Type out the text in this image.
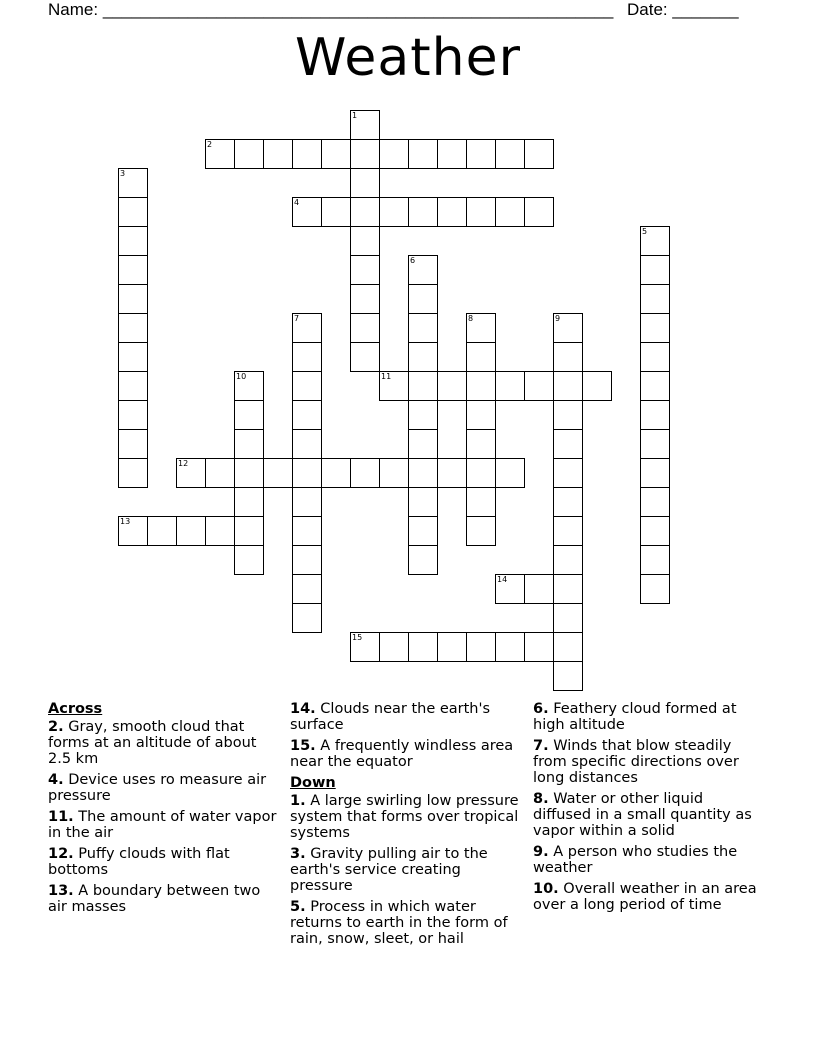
Name: ______________________________________________________ Date: _______
Weather
1
2
3
4
5
6
7	8	9
10	11
12
13
14
15
Across
2. Gray, smooth cloud that forms at an altitude of about 2.5 km
4. Device uses ro measure air pressure
11. The amount of water vapor in the air
12. Puffy clouds with flat bottoms
13. A boundary between two air masses
14. Clouds near the earth's surface
15. A frequently windless area near the equator
Down
1. A large swirling low pressure system that forms over tropical systems
3. Gravity pulling air to the earth's service creating pressure
5. Process in which water returns to earth in the form of rain, snow, sleet, or hail
6. Feathery cloud formed at high altitude
7. Winds that blow steadily from specific directions over long distances
8. Water or other liquid diffused in a small quantity as vapor within a solid
9. A person who studies the weather
10. Overall weather in an area over a long period of time
